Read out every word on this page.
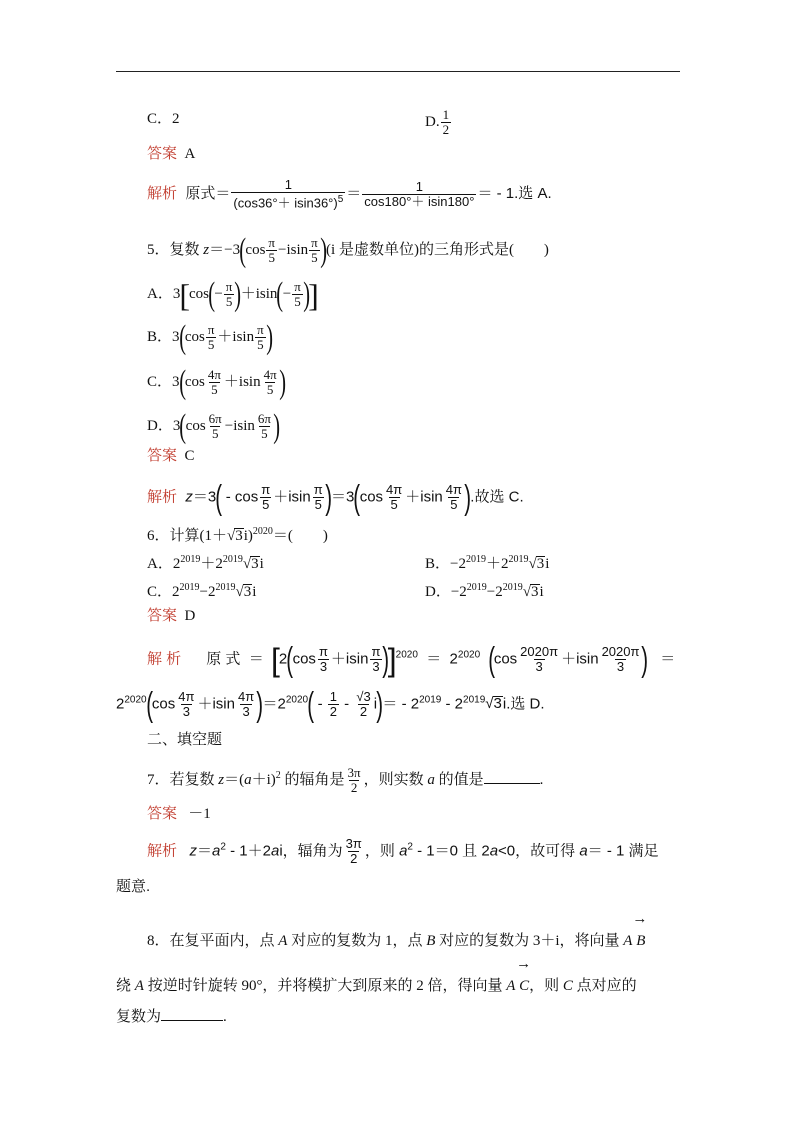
C．2	D. $\frac{1}{2}$
答案 A
解析 原式＝ $\frac{1}{(\cos 36^\circ+ isin36^\circ)^5} = \frac{1}{\cos 180^\circ+ isin180^\circ}$ ＝ - 1.选 A.
5．复数 $z=-3(\cos \frac{\pi}{5} -isin \frac{\pi}{5} )(i$ 是虚数单位)的三角形式是(　　)
A．$3[\cos(- \frac{\pi}{5} )+isin(- \frac{\pi}{5}$ )]
B．$3(\cos \frac{\pi}{5} +isin \frac{\pi}{5}$ )
C．$3(\cos \frac{4\pi}{5} +isin \frac{4\pi}{5}$ )
D．$3(\cos \frac{6\pi}{5} -isin \frac{6\pi}{5}$ )
答案 C
解析 $z=3( - \cos \frac{\pi}{5} +isin \frac{\pi}{5} )=3(\cos \frac{4\pi}{5} +isin \frac{4\pi}{5}$ ).故选 C.
6．计算$(1+√3i)^{2020}=$(　　)
A．$2^{2019}+2^{2019}√3i$	B．$-2^{2019}+2^{2019}√3i$
C．$2^{2019}-2^{2019}√3i$	D．$-2^{2019}-2^{2019}√3i$
答案 D
解 析 原 式  ＝  $[2(\cos \frac{\pi}{3} +isin \frac{\pi}{3} )]^{2020} = 2^{2020}$ ($\cos \frac{2020\pi}{3} +isin \frac{2020\pi}{3}$ )   ＝
$2^{2020}(\cos \frac{4\pi}{3} +isin \frac{4\pi}{3} )=2^{2020}( - \frac{1}{2} - \frac{√3}{2} i)= - 2^{2019} - 2^{2019}√3i$.选 D.
二、填空题
7．若复数 $z=(a+i)^2$ 的辐角是 $\frac{3\pi}{2}$ ，则实数 a 的值是	.
答案 －1
解析 $z=a^2 - 1+2ai$，辐角为 $\frac{3\pi}{2}$ ，则 $a^2 - 1=0$ 且 2a<0，故可得 a＝ - 1 满足
题意.
8．在复平面内，点 A 对应的复数为 1，点 B 对应的复数为 3＋i，将向量 → A B
绕 A 按逆时针旋转 90°，并将模扩大到原来的 2 倍，得向量 → A C，则 C 点对应的
复数为	.
